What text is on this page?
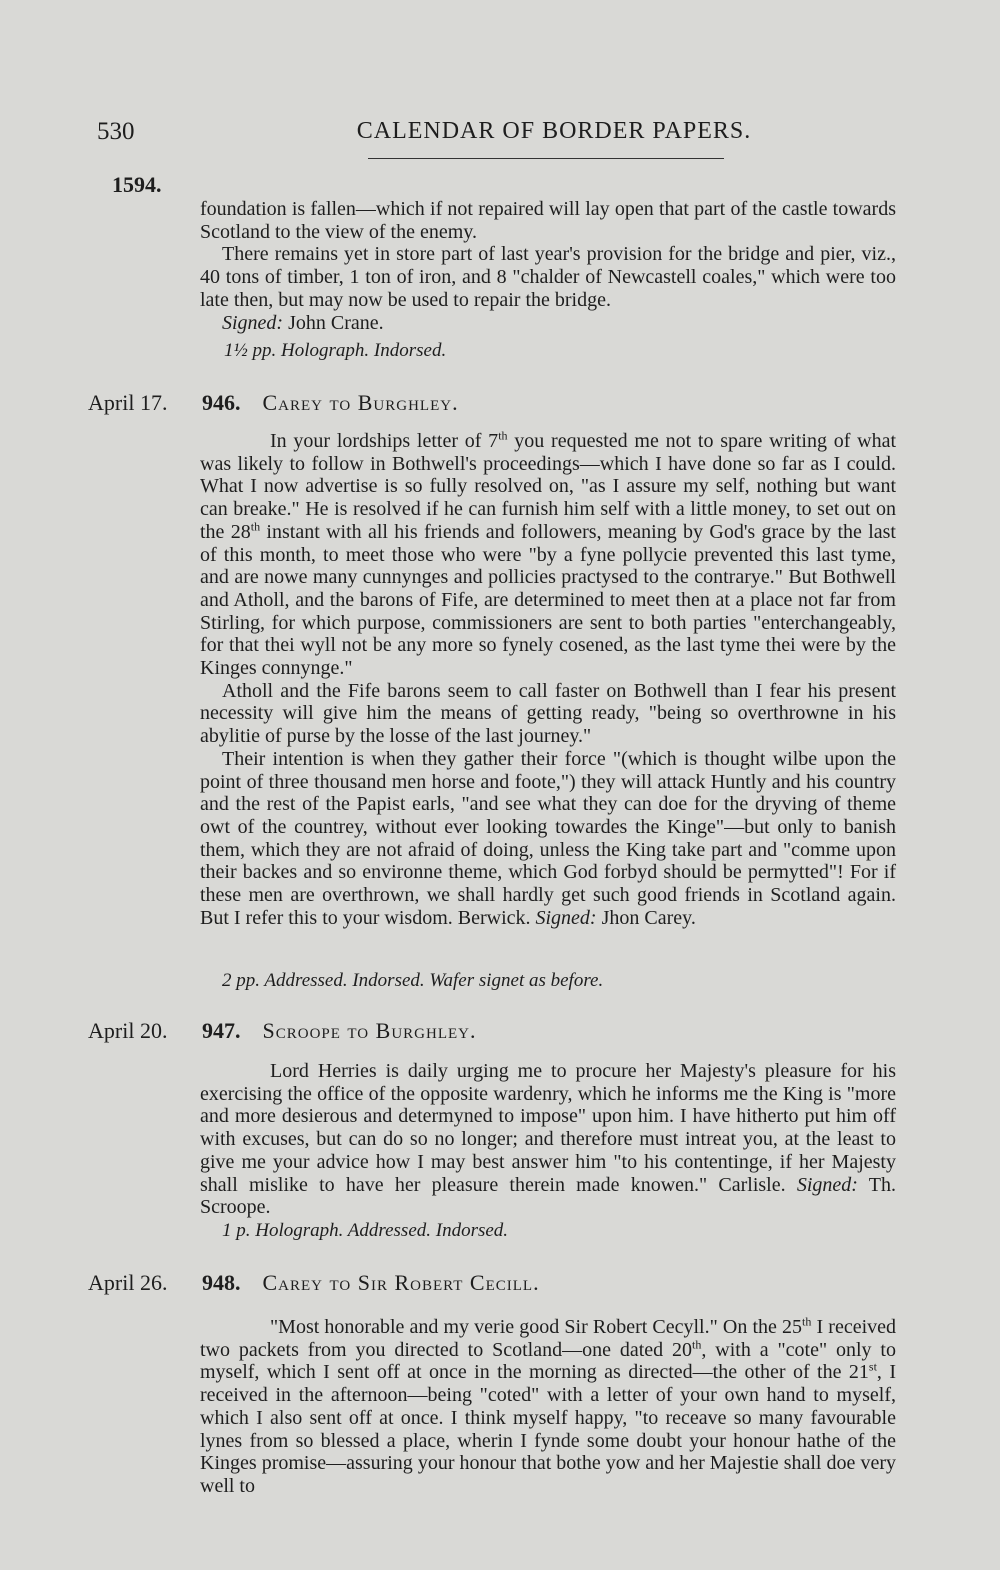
530	CALENDAR OF BORDER PAPERS.
1594.

foundation is fallen—which if not repaired will lay open that part of the castle towards Scotland to the view of the enemy.

There remains yet in store part of last year's provision for the bridge and pier, viz., 40 tons of timber, 1 ton of iron, and 8 "chalder of Newcastell coales," which were too late then, but may now be used to repair the bridge.

Signed: John Crane.

1½ pp. Holograph. Indorsed.
April 17. 946. Carey to Burghley.

In your lordships letter of 7th you requested me not to spare writing of what was likely to follow in Bothwell's proceedings—which I have done so far as I could. What I now advertise is so fully resolved on, "as I assure my self, nothing but want can breake." He is resolved if he can furnish him self with a little money, to set out on the 28th instant with all his friends and followers, meaning by God's grace by the last of this month, to meet those who were "by a fyne pollycie prevented this last tyme, and are nowe many cunnynges and pollicies practysed to the contrarye." But Bothwell and Atholl, and the barons of Fife, are determined to meet then at a place not far from Stirling, for which purpose, commissioners are sent to both parties "enterchangeably, for that thei wyll not be any more so fynely cosened, as the last tyme thei were by the Kinges connynge."

Atholl and the Fife barons seem to call faster on Bothwell than I fear his present necessity will give him the means of getting ready, "being so overthrowne in his abylitie of purse by the losse of the last journey."

Their intention is when they gather their force "(which is thought wilbe upon the point of three thousand men horse and foote,") they will attack Huntly and his country and the rest of the Papist earls, "and see what they can doe for the dryving of theme owt of the countrey, without ever looking towardes the Kinge"—but only to banish them, which they are not afraid of doing, unless the King take part and "comme upon their backes and so environne theme, which God forbyd should be permytted"! For if these men are overthrown, we shall hardly get such good friends in Scotland again. But I refer this to your wisdom. Berwick. Signed: Jhon Carey.

2 pp. Addressed. Indorsed. Wafer signet as before.
April 20. 947. Scroope to Burghley.

Lord Herries is daily urging me to procure her Majesty's pleasure for his exercising the office of the opposite wardenry, which he informs me the King is "more and more desierous and determyned to impose" upon him. I have hitherto put him off with excuses, but can do so no longer; and therefore must intreat you, at the least to give me your advice how I may best answer him "to his contentinge, if her Majesty shall mislike to have her pleasure therein made knowen." Carlisle. Signed: Th. Scroope.

1 p. Holograph. Addressed. Indorsed.
April 26. 948. Carey to Sir Robert Cecill.

"Most honorable and my verie good Sir Robert Cecyll." On the 25th I received two packets from you directed to Scotland—one dated 20th, with a "cote" only to myself, which I sent off at once in the morning as directed—the other of the 21st, I received in the afternoon—being "coted" with a letter of your own hand to myself, which I also sent off at once. I think myself happy, "to receave so many favourable lynes from so blessed a place, wherin I fynde some doubt your honour hathe of the Kinges promise—assuring your honour that bothe yow and her Majestie shall doe very well to
